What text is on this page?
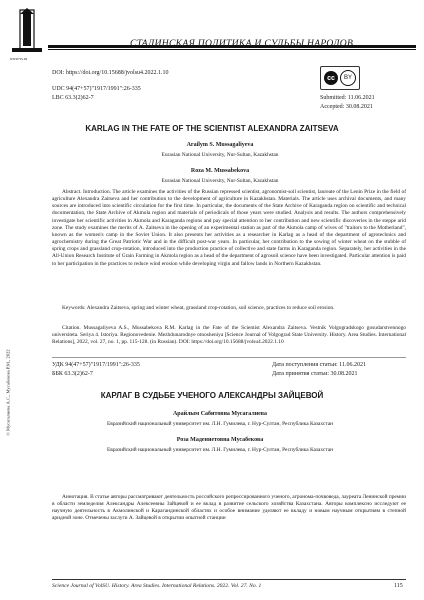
СТАЛИНСКАЯ ПОЛИТИКА И СУДЬБЫ НАРОДОВ
www.vs.ru
© Мусагалиева А.С., Мусабекова Р.М., 2022
DOI: https://doi.org/10.15688/jvolsu4.2022.1.10
UDC 94(47+57)"1917/1991":26-335
LBC 63.3(2)62-7	Submitted: 11.06.2021
Accepted: 30.08.2021
cc	BY
KARLAG IN THE FATE OF THE SCIENTIST ALEXANDRA ZAITSEVA
Arailym S. Mussagaliyeva
Eurasian National University, Nur-Sultan, Kazakhstan
Roza M. Mussabekova
Eurasian National University, Nur-Sultan, Kazakhstan
Abstract. Introduction. The article examines the activities of the Russian repressed scientist, agronomist-soil scientist, laureate of the Lenin Prize in the field of agriculture Alexandra Zaitseva and her contribution to the development of agriculture in Kazakhstan. Materials. The article uses archival documents, and many sources are introduced into scientific circulation for the first time. In particular, the documents of the State Archive of Karaganda region on scientific and technical documentation, the State Archive of Akmola region and materials of periodicals of those years were studied. Analysis and results. The authors comprehensively investigate her scientific activities in Akmola and Karaganda regions and pay special attention to her contribution and new scientific discoveries in the steppe arid zone. The study examines the merits of A. Zaitseva in the opening of an experimental station as part of the Akmola camp of wives of "traitors to the Motherland", known as the women's camp in the Soviet Union. It also presents her activities as a researcher in Karlag as a head of the department of agrotechnics and agrochemistry during the Great Patriotic War and in the difficult post-war years. In particular, her contribution to the sowing of winter wheat on the stubble of spring crops and grassland crop-rotation, introduced into the production practice of collective and state farms in Karaganda region. Separately, her activities in the All-Union Research Institute of Grain Farming in Akmola region as a head of the department of agrosoil science have been investigated. Particular attention is paid to her participation in the practices to reduce wind erosion while developing virgin and fallow lands in Northern Kazakhstan.
Keywords: Alexandra Zaitseva, spring and winter wheat, grassland crop-rotation, soil science, practices to reduce soil erosion.
Citation. Mussagaliyeva A.S., Mussabekova R.M. Karlag in the Fate of the Scientist Alexandra Zaitseva. Vestnik Volgogradskogo gosudarstvennogo universiteta. Seriya 4. Istoriya. Regionovedenie. Mezhdunarodnye otnosheniya [Science Journal of Volgograd State University. History. Area Studies. International Relations], 2022, vol. 27, no. 1, pp. 115-128. (in Russian). DOI: https://doi.org/10.15688/jvolsu4.2022.1.10
УДК 94(47+57)"1917/1991":26-335
ББК 63.3(2)62-7
Дата поступления статьи: 11.06.2021
Дата принятия статьи: 30.08.2021
КАРЛАГ В СУДЬБЕ УЧЕНОГО АЛЕКСАНДРЫ ЗАЙЦЕВОЙ
Арайлым Сабитовна Мусагалиева
Евразийский национальный университет им. Л.Н. Гумилева, г. Нур-Султан, Республика Казахстан
Роза Мадениетовна Мусабекова
Евразийский национальный университет им. Л.Н. Гумилева, г. Нур-Султан, Республика Казахстан
Аннотация. В статье авторы рассматривают деятельность российского репрессированного ученого, агронома-почвоведа, лауреата Ленинской премии в области земледелия Александры Алексеевны Зайцевой и ее вклад в развитие сельского хозяйства Казахстана. Авторы комплексно исследуют ее научную деятельность в Акмолинской и Карагандинской областях и особое внимание уделяют ее вкладу и новым научным открытиям в степной аридной зоне. Отмечены заслуги А. Зайцевой в открытии опытной станции
Science Journal of VolSU. History. Area Studies. International Relations. 2022. Vol. 27. No. 1	115
